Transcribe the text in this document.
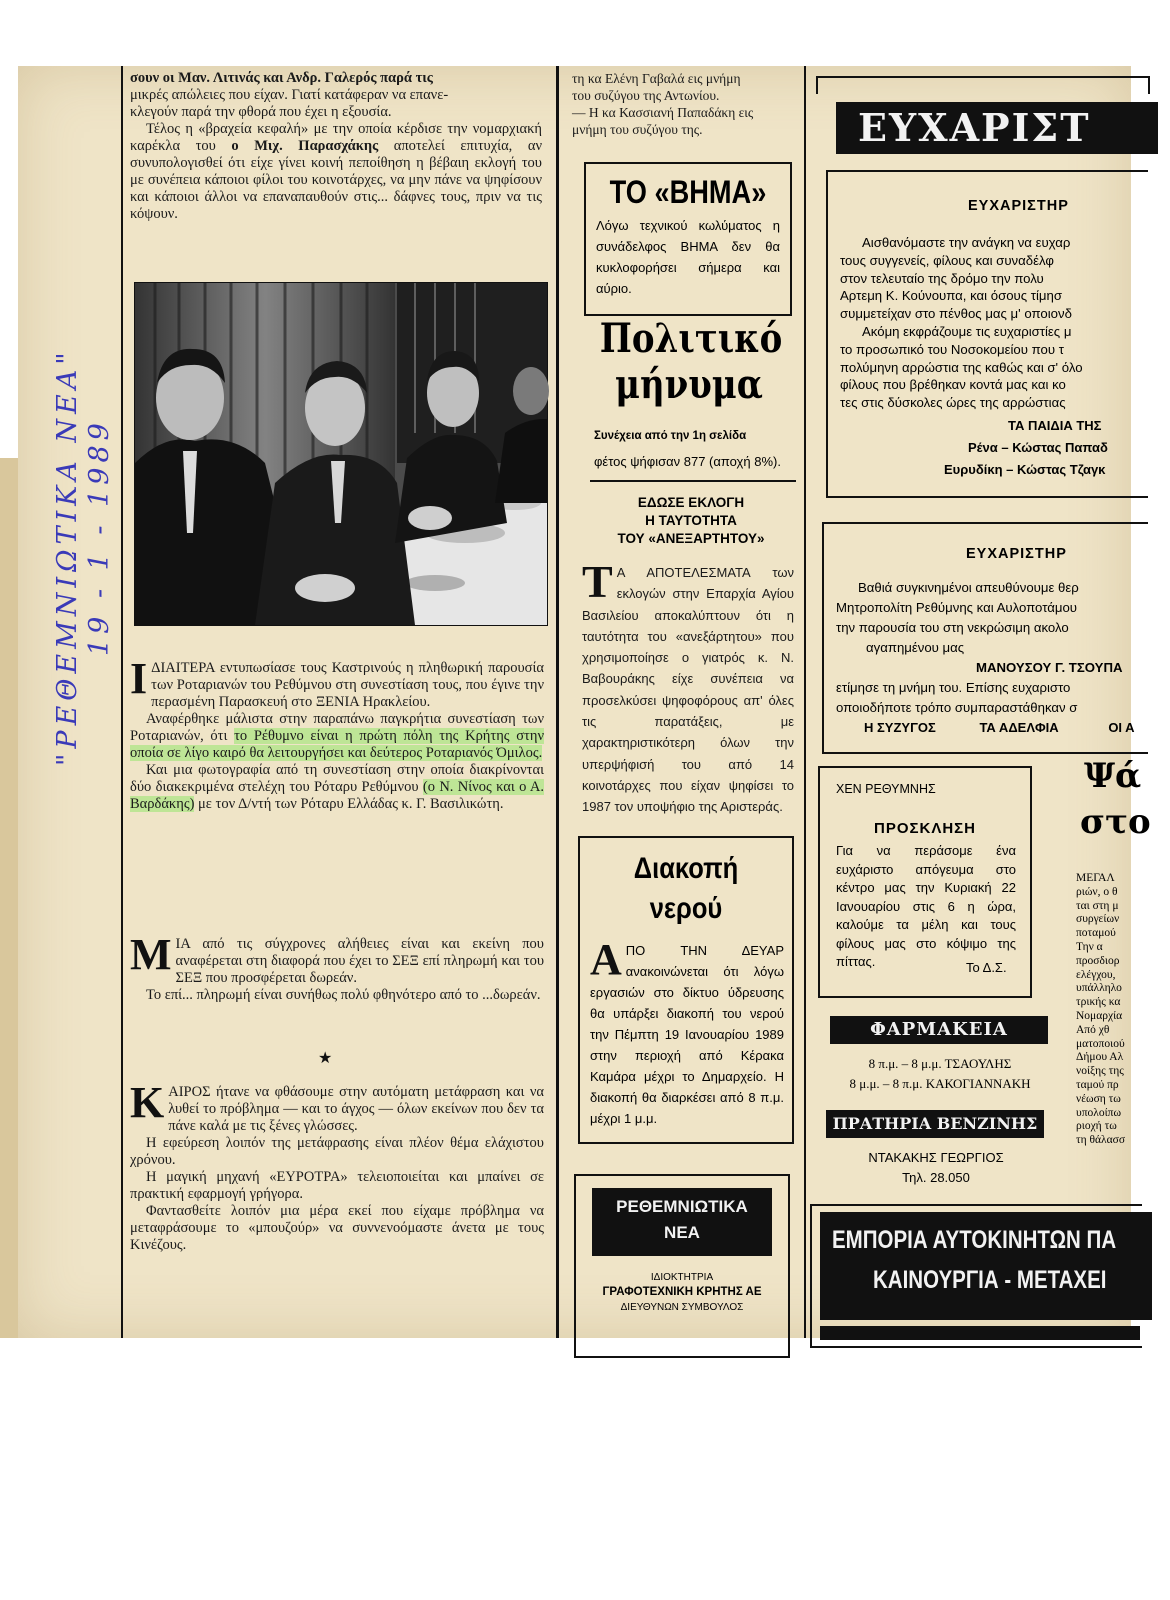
σουν οι Μαν. Λιτινάς και Ανδρ. Γαλερός παρά τις
μικρές απώλειες που είχαν. Γιατί κατάφεραν να επανε-
κλεγούν παρά την φθορά που έχει η εξουσία.

Τέλος η «βραχεία κεφαλή» με την οποία κέρδισε την νομαρχιακή καρέκλα του ο Μιχ. Παρασχάκης αποτελεί επιτυχία, αν συνυπολογισθεί ότι είχε γίνει κοινή πεποίθηση η βέβαιη εκλογή του με συνέπεια κάποιοι φίλοι του κοινοτάρχες, να μην πάνε να ψηφίσουν και κάποιοι άλλοι να επαναπαυθούν στις... δάφνες τους, πριν να τις κόψουν.

Ι ΔΙΑΙΤΕΡΑ εντυπωσίασε τους Καστρινούς η πληθωρική παρουσία των Ροταριανών του Ρεθύμνου στη συνεστίαση τους, που έγινε την περασμένη Παρασκευή στο ΞΕΝΙΑ Ηρακλείου.

Αναφέρθηκε μάλιστα στην παραπάνω παγκρήτια συνεστίαση των Ροταριανών, ότι το Ρέθυμνο είναι η πρώτη πόλη της Κρήτης στην οποία σε λίγο καιρό θα λειτουργήσει και δεύτερος Ροταριανός Όμιλος.

Και μια φωτογραφία από τη συνεστίαση στην οποία διακρίνονται δύο διακεκριμένα στελέχη του Ρόταρυ Ρεθύμνου (ο Ν. Νίνος και ο Α. Βαρδάκης) με τον Δ/ντή των Ρόταρυ Ελλάδας κ. Γ. Βασιλικώτη.

Μ ΙΑ από τις σύγχρονες αλήθειες είναι και εκείνη που αναφέρεται στη διαφορά που έχει το ΣΕΞ επί πληρωμή και του ΣΕΞ που προσφέρεται δωρεάν.

Το επί... πληρωμή είναι συνήθως πολύ φθηνότερο από το ...δωρεάν.

★
Κ ΑΙΡΟΣ ήτανε να φθάσουμε στην αυτόματη μετάφραση και να λυθεί το πρόβλημα — και το άγχος — όλων εκείνων που δεν τα πάνε καλά με τις ξένες γλώσσες.

Η εφεύρεση λοιπόν της μετάφρασης είναι πλέον θέμα ελάχιστου χρόνου.

Η μαγική μηχανή «ΕΥΡΟΤΡΑ» τελειοποιείται και μπαίνει σε πρακτική εφαρμογή γρήγορα.

Φαντασθείτε λοιπόν μια μέρα εκεί που είχαμε πρόβλημα να μεταφράσουμε το «μπουζούρ» να συννενοόμαστε άνετα με τους Κινέζους.

"ΡΕΘΕΜΝΙΩΤΙΚΑ ΝΕΑ" 19 - 1 - 1989
τη κα Ελένη Γαβαλά εις μνήμη
του συζύγου της Αντωνίου.
— Η κα Κασσιανή Παπαδάκη εις
μνήμη του συζύγου της.
ΤΟ «ΒΗΜΑ»
Λόγω τεχνικού κωλύματος η συνάδελφος ΒΗΜΑ δεν θα κυκλοφορήσει σήμερα και αύριο.
Πολιτικό
μήνυμα
Συνέχεια από την 1η σελίδα
φέτος ψήφισαν 877 (αποχή 8%).
ΕΔΩΣΕ ΕΚΛΟΓΗ
Η ΤΑΥΤΟΤΗΤΑ
ΤΟΥ «ΑΝΕΞΑΡΤΗΤΟΥ»
Τ Α ΑΠΟΤΕΛΕΣΜΑΤΑ των εκλογών στην Επαρχία Αγίου Βασιλείου αποκαλύπτουν ότι η ταυτότητα του «ανεξάρτητου» που χρησιμοποίησε ο γιατρός κ. Ν. Βαβουράκης είχε συνέπεια να προσελκύσει ψηφοφόρους απ' όλες τις παρατάξεις, με χαρακτηριστικότερη όλων την υπερψήφισή του από 14 κοινοτάρχες που είχαν ψηφίσει το 1987 τον υποψήφιο της Αριστεράς.
Διακοπή
νερού
Α ΠΟ ΤΗΝ ΔΕΥΑΡ ανακοινώνεται ότι λόγω εργασιών στο δίκτυο ύδρευσης θα υπάρξει διακοπή του νερού την Πέμπτη 19 Ιανουαρίου 1989 στην περιοχή από Κέρακα Καμάρα μέχρι το Δημαρχείο. Η διακοπή θα διαρκέσει από 8 π.μ. μέχρι 1 μ.μ.
ΡΕΘΕΜΝΙΩΤΙΚΑ
ΝΕΑ
ΙΔΙΟΚΤΗΤΡΙΑ
ΓΡΑΦΟΤΕΧΝΙΚΗ ΚΡΗΤΗΣ ΑΕ
ΔΙΕΥΘΥΝΩΝ ΣΥΜΒΟΥΛΟΣ
ΕΥΧΑΡΙΣΤ
ΕΥΧΑΡΙΣΤΗΡ
Αισθανόμαστε την ανάγκη να ευχαρ
τους συγγενείς, φίλους και συναδέλφ
στον τελευταίο της δρόμο την πολυ
Αρτεμη Κ. Κούνουπα, και όσους τίμησ
συμμετείχαν στο πένθος μας μ' οποιονδ
Ακόμη εκφράζουμε τις ευχαριστίες μ
το προσωπικό του Νοσοκομείου που τ
πολύμηνη αρρώστια της καθώς και σ' όλο
φίλους που βρέθηκαν κοντά μας και κο
τες στις δύσκολες ώρες της αρρώστιας
ΤΑ ΠΑΙΔΙΑ ΤΗΣ
Ρένα – Κώστας Παπαδ
Ευρυδίκη – Κώστας Τζαγκ
ΕΥΧΑΡΙΣΤΗΡ
Βαθιά συγκινημένοι απευθύνουμε θερ
Μητροπολίτη Ρεθύμνης και Αυλοποτάμου
την παρουσία του στη νεκρώσιμη ακολο
αγαπημένου μας
ΜΑΝΟΥΣΟΥ Γ. ΤΣΟΥΠΑ
ετίμησε τη μνήμη του. Επίσης ευχαριστο
οποιοδήποτε τρόπο συμπαραστάθηκαν σ
Η ΣΥΖΥΓΟΣ	ΤΑ ΑΔΕΛΦΙΑ	ΟΙ Α
ΧΕΝ ΡΕΘΥΜΝΗΣ
ΠΡΟΣΚΛΗΣΗ
Για να περάσομε ένα ευχάριστο απόγευμα στο κέντρο μας την Κυριακή 22 Ιανουαρίου στις 6 η ώρα, καλούμε τα μέλη και τους φίλους μας στο κόψιμο της πίττας.	Το Δ.Σ.
Ψά
στο
ΜΕΓΑΛ
ριών, ο θ
ται στη μ
συργείων
ποταμού
Την α
προσδιορ
ελέγχου,
υπάλληλο
τρικής κα
Νομαρχία
Από χθ
ματοποιού
Δήμου Αλ
νοίξης της
ταμού πρ
νέωση τω
υπολοίπω
ριοχή τω
τη θάλασσ
ΦΑΡΜΑΚΕΙΑ
8 π.μ. – 8 μ.μ. ΤΣΑΟΥΛΗΣ
8 μ.μ. – 8 π.μ. ΚΑΚΟΓΙΑΝΝΑΚΗ
ΠΡΑΤΗΡΙΑ ΒΕΝΖΙΝΗΣ
ΝΤΑΚΑΚΗΣ ΓΕΩΡΓΙΟΣ
Τηλ. 28.050
ΕΜΠΟΡΙΑ ΑΥΤΟΚΙΝΗΤΩΝ ΠΑ
ΚΑΙΝΟΥΡΓΙΑ - ΜΕΤΑΧΕΙ
